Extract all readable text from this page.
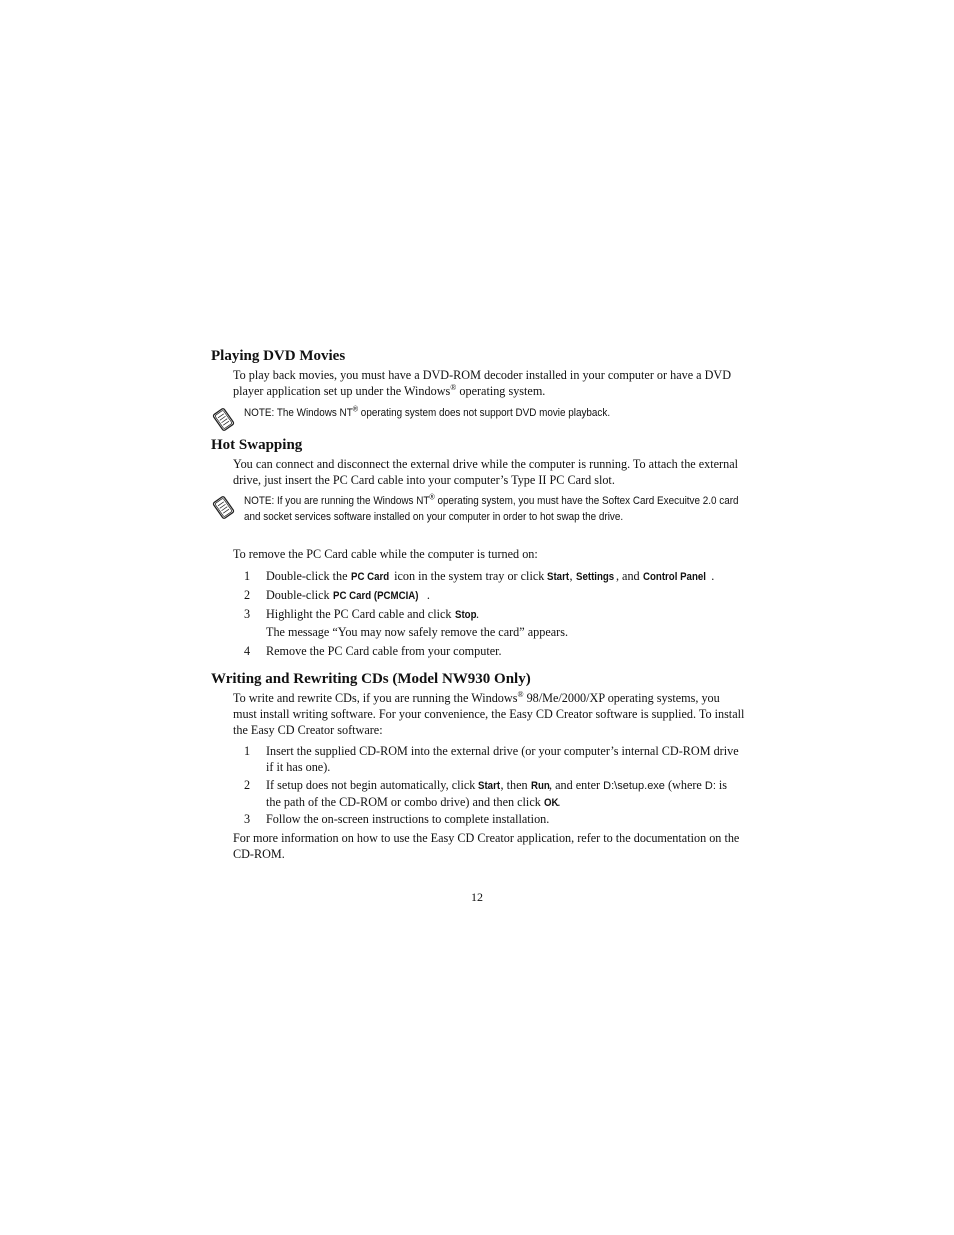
Playing DVD Movies

To play back movies, you must have a DVD-ROM decoder installed in your computer or have a DVD player application set up under the Windows® operating system.

NOTE: The Windows NT® operating system does not support DVD movie playback.

Hot Swapping

You can connect and disconnect the external drive while the computer is running. To attach the external drive, just insert the PC Card cable into your computer’s Type II PC Card slot.

NOTE: If you are running the Windows NT® operating system, you must have the Softex Card Execuitve 2.0 card and socket services software installed on your computer in order to hot swap the drive.

To remove the PC Card cable while the computer is turned on:

1 Double-click the PC Card icon in the system tray or click Start, Settings , and Control Panel .

2 Double-click PC Card (PCMCIA) .

3 Highlight the PC Card cable and click Stop.

The message “You may now safely remove the card” appears.

4 Remove the PC Card cable from your computer.

Writing and Rewriting CDs (Model NW930 Only)

To write and rewrite CDs, if you are running the Windows® 98/Me/2000/XP operating systems, you must install writing software. For your convenience, the Easy CD Creator software is supplied. To install the Easy CD Creator software:

1 Insert the supplied CD-ROM into the external drive (or your computer’s internal CD-ROM drive if it has one).

2 If setup does not begin automatically, click Start, then Run, and enter D:\setup.exe (where D: is the path of the CD-ROM or combo drive) and then click OK.

3 Follow the on-screen instructions to complete installation.

For more information on how to use the Easy CD Creator application, refer to the documentation on the CD-ROM.

12
